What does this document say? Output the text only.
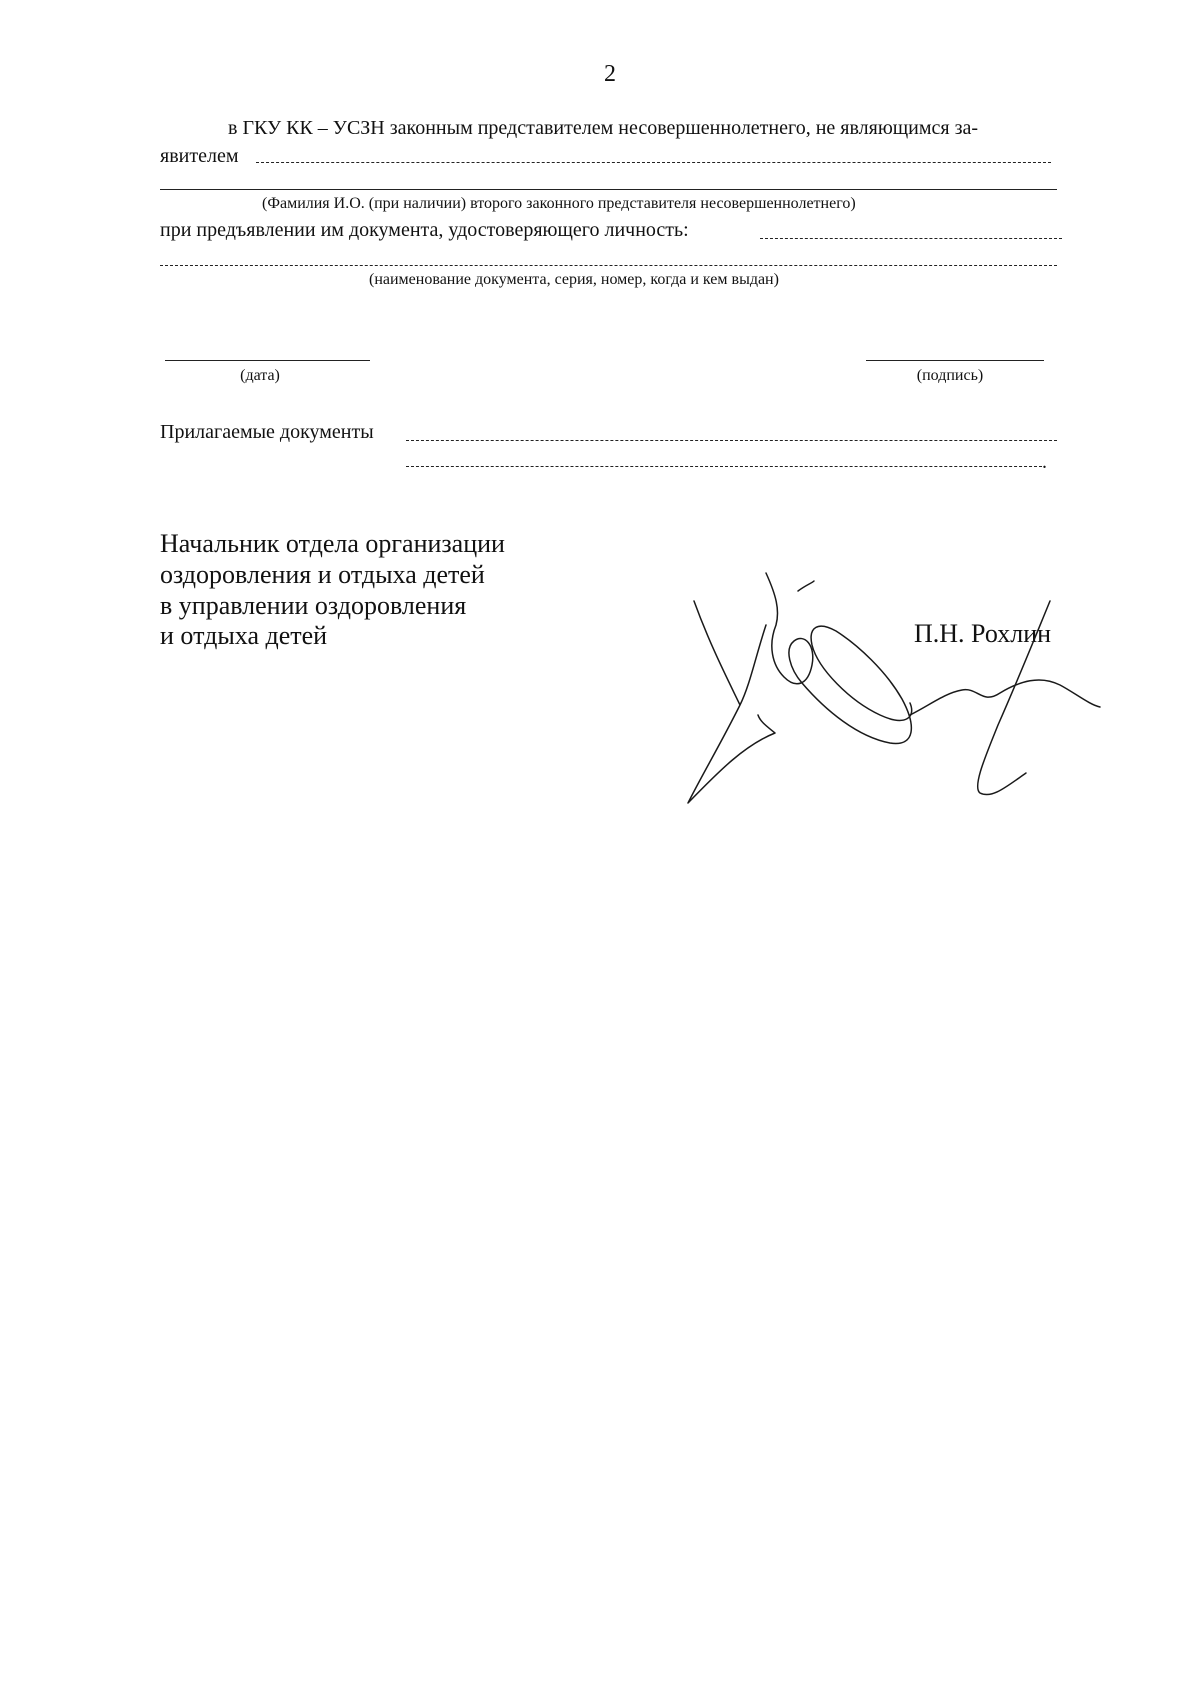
2
в ГКУ КК – УСЗН законным представителем несовершеннолетнего, не являющимся за-
явителем
(Фамилия И.О. (при наличии) второго законного представителя несовершеннолетнего)
при предъявлении им документа, удостоверяющего личность:
(наименование документа, серия, номер, когда и кем выдан)
(дата)	(подпись)
Прилагаемые документы
.
Начальник отдела организации
оздоровления и отдыха детей
в управлении оздоровления
и отдыха детей	П.Н. Рохлин
